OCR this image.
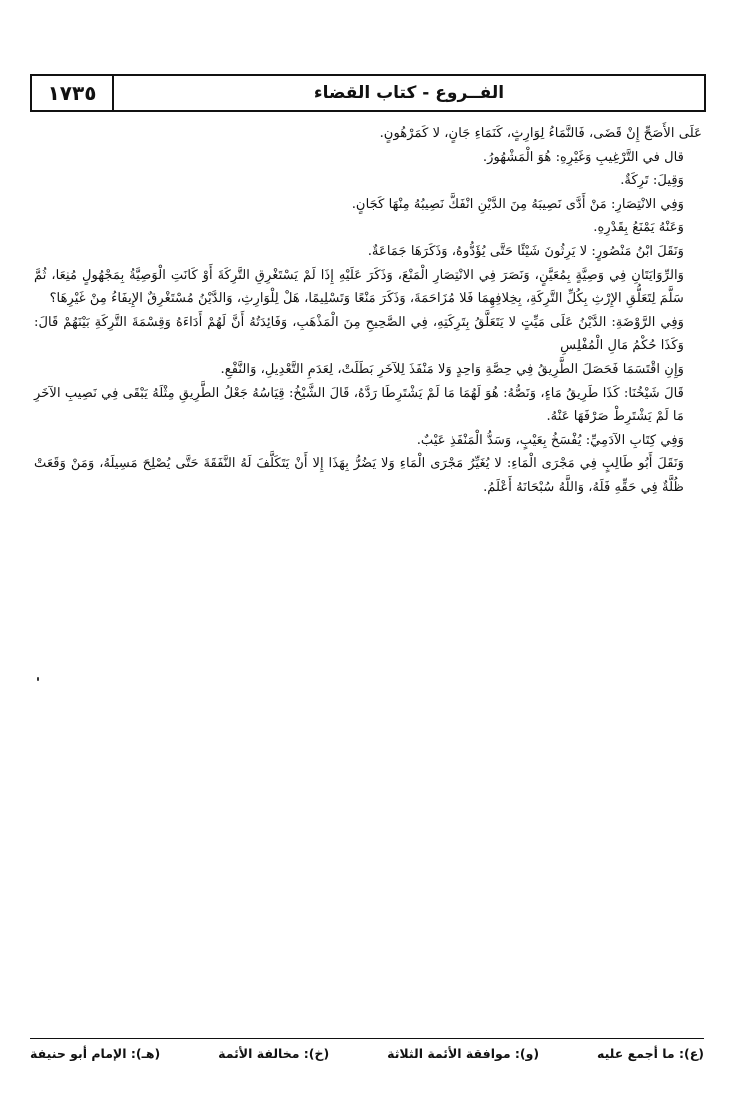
١٧٣٥	الفــروع - كتاب القضاء

عَلَى الأَصَحِّ إِنْ قَضَى، فَالنَّمَاءُ لِوَارِثٍ، كَنَمَاءِ جَانٍ، لا كَمَرْهُونٍ.

قال في التَّرْغِيبِ وَغَيْرِهِ: هُوَ الْمَشْهُورُ.

وَقِيلَ: تَرِكَةٌ.

وَفِي الانْتِصَارِ: مَنْ أَدَّى نَصِيبَهُ مِنَ الدَّيْنِ انْفَكَّ نَصِيبُهُ مِنْهَا كَجَانٍ.

وَعَنْهُ يَمْنَعُ بِقَدْرِهِ.

وَنَقَلَ ابْنُ مَنْصُورٍ: لا يَرِثُونَ شَيْئًا حَتَّى يُؤَدُّوهُ، وَذَكَرَهَا جَمَاعَةٌ.

وَالرِّوَايَتَانِ فِي وَصِيَّةٍ بِمُعَيَّنٍ، وَنَصَرَ فِي الانْتِصَارِ الْمَنْعَ، وَذَكَرَ عَلَيْهِ إِذَا لَمْ يَسْتَغْرِقِ التَّرِكَةَ أَوْ كَانَتِ الْوَصِيَّةُ بِمَجْهُولٍ مُنِعَا، ثُمَّ سَلَّمَ لِتَعَلُّقِ الإِرْثِ بِكُلِّ التَّرِكَةِ، بِخِلافِهِمَا فَلا مُزَاحَمَةَ، وَذَكَرَ مَنْعًا وَتَسْلِيمًا، هَلْ لِلْوَارِثِ، وَالدَّيْنُ مُسْتَغْرِقٌ الإِيفَاءُ مِنْ غَيْرِهَا؟

وَفِي الرَّوْضَةِ: الدَّيْنُ عَلَى مَيِّتٍ لا يَتَعَلَّقُ بِتَرِكَتِهِ، فِي الصَّحِيحِ مِنَ الْمَذْهَبِ، وَفَائِدَتُهُ أَنَّ لَهُمْ أَدَاءَهُ وَقِسْمَةَ التَّرِكَةِ بَيْنَهُمْ قَالَ: وَكَذَا حُكْمُ مَالِ الْمُفْلِسِ

وَإِنِ اقْتَسَمَا فَحَصَلَ الطَّرِيقُ فِي حِصَّةِ وَاحِدٍ وَلا مَنْفَذَ لِلآخَرِ بَطَلَتْ، لِعَدَمِ التَّعْدِيلِ، وَالنَّفْعِ.

قَالَ شَيْخُنَا: كَذَا طَرِيقُ مَاءٍ، وَنَصُّهُ: هُوَ لَهُمَا مَا لَمْ يَشْتَرِطَا رَدَّهُ، قَالَ الشَّيْخُ: قِيَاسُهُ جَعْلُ الطَّرِيقِ مِثْلَهُ يَبْقَى فِي نَصِيبِ الآخَرِ مَا لَمْ يَشْتَرِطْ صَرْفَهَا عَنْهُ.

وَفِي كِتَابِ الآدَمِيِّ: يُفْسَخُ بِعَيْبٍ، وَسَدُّ الْمَنْفَذِ عَيْبٌ.

وَنَقَلَ أَبُو طَالِبٍ فِي مَجْرَى الْمَاءِ: لا يُغَيِّرُ مَجْرَى الْمَاءِ وَلا يَضُرُّ بِهَذَا إِلا أَنْ يَتَكَلَّفَ لَهُ النَّفَقَةَ حَتَّى يُصْلِحَ مَسِيلَهُ، وَمَنْ وَقَعَتْ ظُلَّةٌ فِي حَقِّهِ فَلَهُ، وَاللَّهُ سُبْحَانَهُ أَعْلَمُ.

(ع): ما أجمع عليه
(و): موافقة الأئمة الثلاثة
(خ): مخالفة الأئمة
(هـ): الإمام أبو حنيفة
